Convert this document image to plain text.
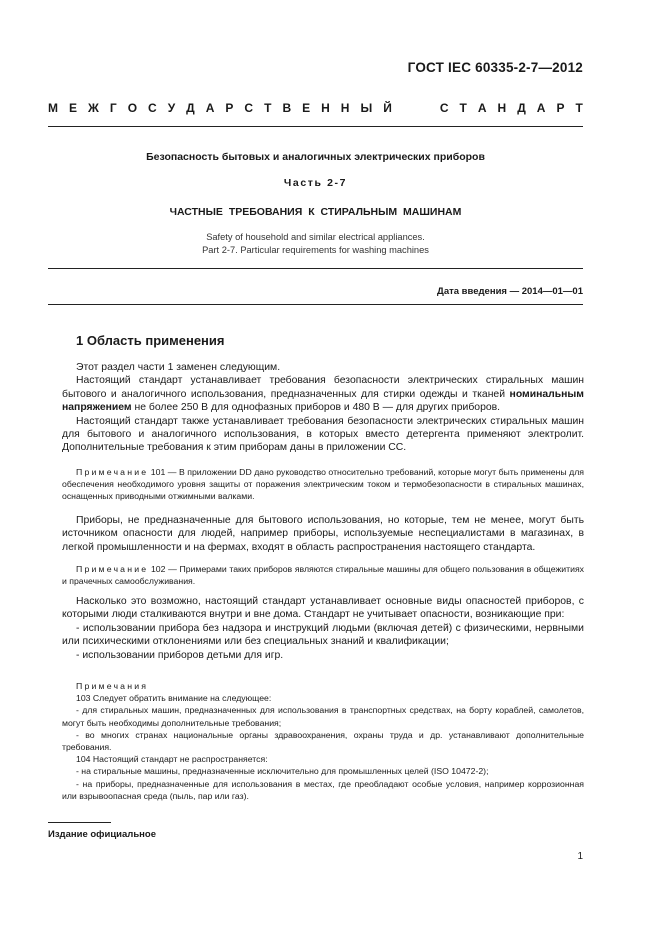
ГОСТ IEC 60335-2-7—2012
М Е Ж Г О С У Д А Р С Т В Е Н Н Ы Й	С Т А Н Д А Р Т
Безопасность бытовых и аналогичных электрических приборов
Часть 2-7
ЧАСТНЫЕ ТРЕБОВАНИЯ К СТИРАЛЬНЫМ МАШИНАМ
Safety of household and similar electrical appliances.
Part 2-7. Particular requirements for washing machines
Дата введения — 2014—01—01
1 Область применения

Этот раздел части 1 заменен следующим.

Настоящий стандарт устанавливает требования безопасности электрических стиральных машин бытового и аналогичного использования, предназначенных для стирки одежды и тканей номинальным напряжением не более 250 В для однофазных приборов и 480 В — для других приборов.

Настоящий стандарт также устанавливает требования безопасности электрических стиральных машин для бытового и аналогичного использования, в которых вместо детергента применяют электролит. Дополнительные требования к этим приборам даны в приложении CC.

Примечание 101 — В приложении DD дано руководство относительно требований, которые могут быть применены для обеспечения необходимого уровня защиты от поражения электрическим током и термобезопасности в стиральных машинах, оснащенных приводными отжимными валками.

Приборы, не предназначенные для бытового использования, но которые, тем не менее, могут быть источником опасности для людей, например приборы, используемые неспециалистами в магазинах, в легкой промышленности и на фермах, входят в область распространения настоящего стандарта.

Примечание 102 — Примерами таких приборов являются стиральные машины для общего пользования в общежитиях и прачечных самообслуживания.

Насколько это возможно, настоящий стандарт устанавливает основные виды опасностей приборов, с которыми люди сталкиваются внутри и вне дома. Стандарт не учитывает опасности, возникающие при:

- использовании прибора без надзора и инструкций людьми (включая детей) с физическими, нервными или психическими отклонениями или без специальных знаний и квалификации;

- использовании приборов детьми для игр.

Примечания

103 Следует обратить внимание на следующее:

- для стиральных машин, предназначенных для использования в транспортных средствах, на борту кораблей, самолетов, могут быть необходимы дополнительные требования;

- во многих странах национальные органы здравоохранения, охраны труда и др. устанавливают дополнительные требования.

104 Настоящий стандарт не распространяется:

- на стиральные машины, предназначенные исключительно для промышленных целей (ISO 10472-2);

- на приборы, предназначенные для использования в местах, где преобладают особые условия, например коррозионная или взрывоопасная среда (пыль, пар или газ).

Издание официальное
1
